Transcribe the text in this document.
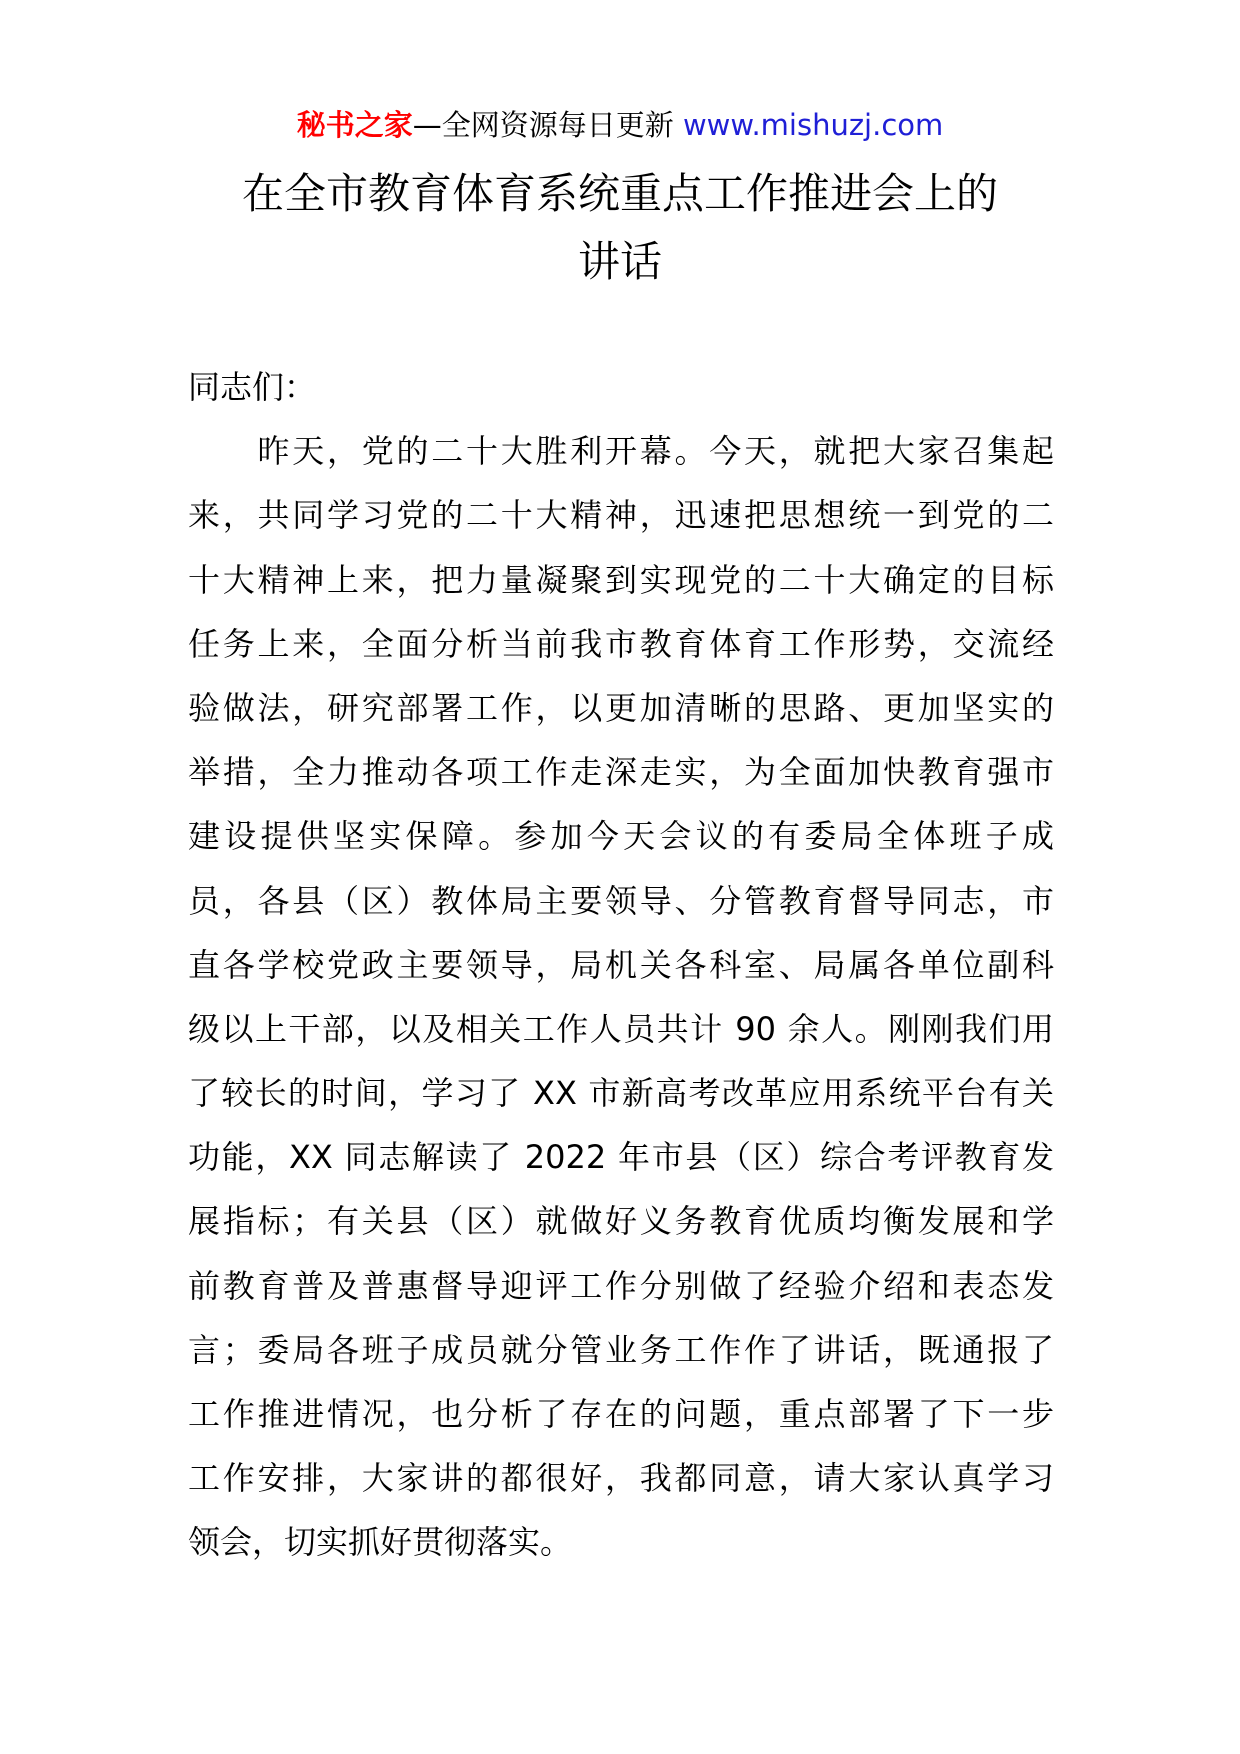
秘书之家—全网资源每日更新 www.mishuzj.com
在全市教育体育系统重点工作推进会上的
讲话
同志们：
　　昨天，党的二十大胜利开幕。今天，就把大家召集起
来，共同学习党的二十大精神，迅速把思想统一到党的二
十大精神上来，把力量凝聚到实现党的二十大确定的目标
任务上来，全面分析当前我市教育体育工作形势，交流经
验做法，研究部署工作，以更加清晰的思路、更加坚实的
举措，全力推动各项工作走深走实，为全面加快教育强市
建设提供坚实保障。参加今天会议的有委局全体班子成
员，各县（区）教体局主要领导、分管教育督导同志，市
直各学校党政主要领导，局机关各科室、局属各单位副科
级以上干部，以及相关工作人员共计 90 余人。刚刚我们用
了较长的时间，学习了 XX 市新高考改革应用系统平台有关
功能，XX 同志解读了 2022 年市县（区）综合考评教育发
展指标；有关县（区）就做好义务教育优质均衡发展和学
前教育普及普惠督导迎评工作分别做了经验介绍和表态发
言；委局各班子成员就分管业务工作作了讲话，既通报了
工作推进情况，也分析了存在的问题，重点部署了下一步
工作安排，大家讲的都很好，我都同意，请大家认真学习
领会，切实抓好贯彻落实。
